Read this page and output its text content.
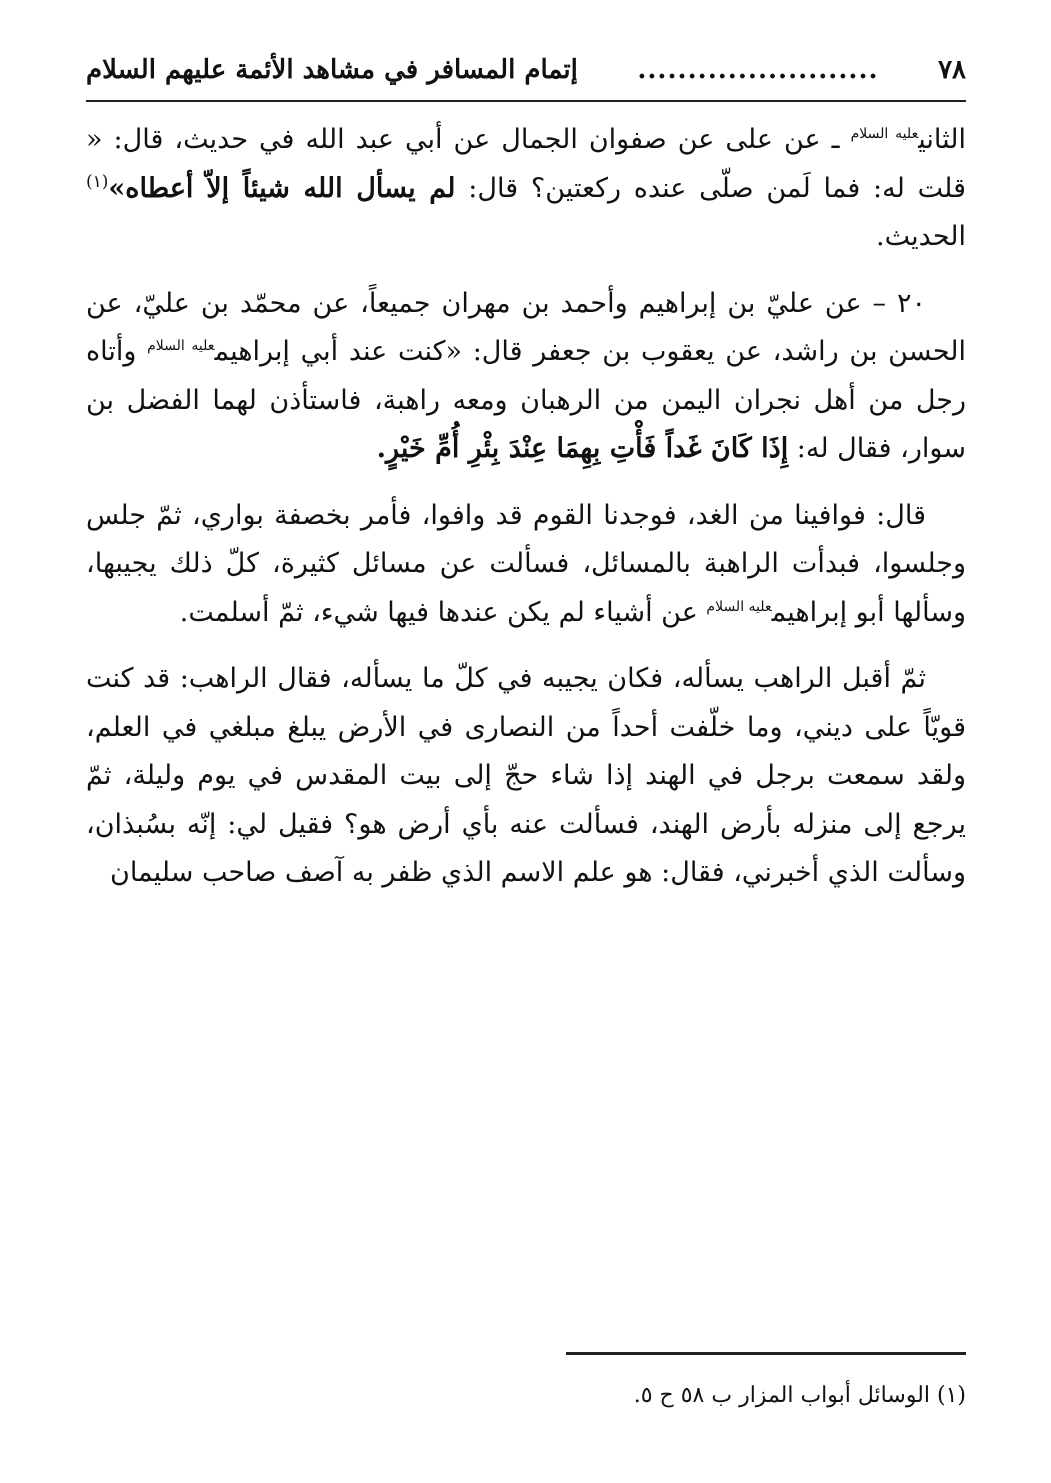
٧٨
........................
إتمام المسافر في مشاهد الأئمة عليهم السلام

الثاني$^{عليه السلام}$ ـ عن على عن صفوان الجمال عن أبي عبد الله في حديث، قال: « قلت له: فما لَمن صلّى عنده ركعتين؟ قال: لم يسأل الله شيئاً إلاّ أعطاه»$^{(١)}$ الحديث.

٢٠ – عن عليّ بن إبراهيم وأحمد بن مهران جميعاً، عن محمّد بن عليّ، عن الحسن بن راشد، عن يعقوب بن جعفر قال: «كنت عند أبي إبراهيم$^{عليه السلام}$ وأتاه رجل من أهل نجران اليمن من الرهبان ومعه راهبة، فاستأذن لهما الفضل بن سوار، فقال له: إِذَا كَانَ غَداً فَأْتِ بِهِمَا عِنْدَ بِئْرِ أُمِّ خَيْرٍ.

قال: فوافينا من الغد، فوجدنا القوم قد وافوا، فأمر بخصفة بواري، ثمّ جلس وجلسوا، فبدأت الراهبة بالمسائل، فسألت عن مسائل كثيرة، كلّ ذلك يجيبها، وسألها أبو إبراهيم$^{عليه السلام}$ عن أشياء لم يكن عندها فيها شيء، ثمّ أسلمت.

ثمّ أقبل الراهب يسأله، فكان يجيبه في كلّ ما يسأله، فقال الراهب: قد كنت قويّاً على ديني، وما خلّفت أحداً من النصارى في الأرض يبلغ مبلغي في العلم، ولقد سمعت برجل في الهند إذا شاء حجّ إلى بيت المقدس في يوم وليلة، ثمّ يرجع إلى منزله بأرض الهند، فسألت عنه بأي أرض هو؟ فقيل لي: إنّه بسُبذان، وسألت الذي أخبرني، فقال: هو علم الاسم الذي ظفر به آصف صاحب سليمان

(١) الوسائل أبواب المزار ب ٥٨ ح ٥.
